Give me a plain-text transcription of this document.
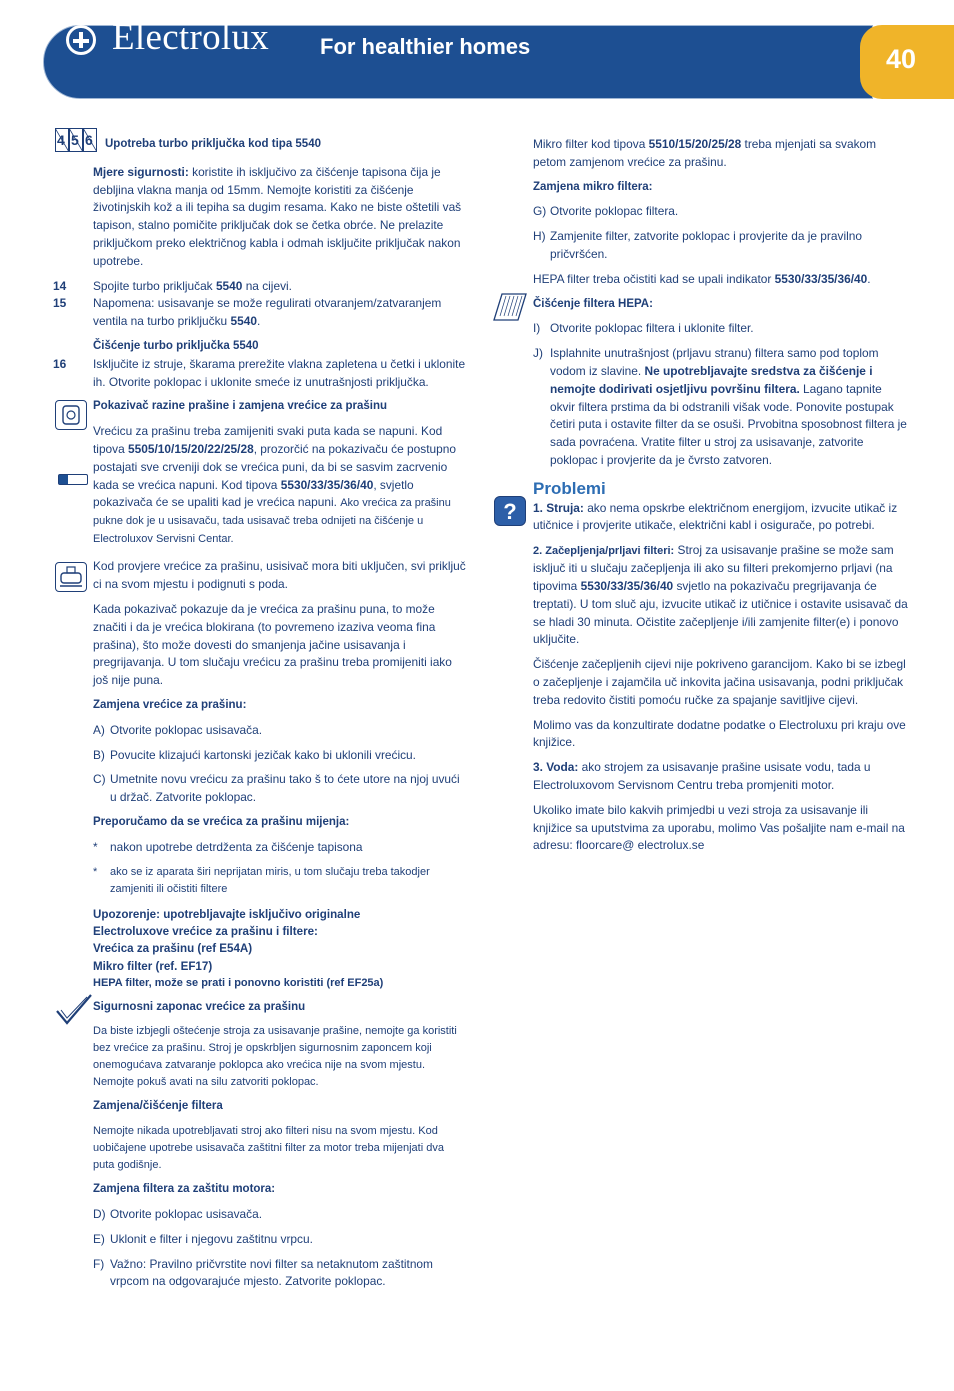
Electrolux For healthier homes	40
4 5 6 Upotreba turbo priključka kod tipa 5540

Mjere sigurnosti: koristite ih isključivo za čišćenje tapisona čija je debljina vlakna manja od 15mm. Nemojte koristiti za čišćenje životinjskih kož a ili tepiha sa dugim resama. Kako ne biste oštetili vaš tapison, stalno pomičite priključak dok se četka obrće. Ne prelazite priključkom preko električnog kabla i odmah isključite priključak nakon upotrebe.

14 Spojite turbo priključak 5540 na cijevi.
15 Napomena: usisavanje se može regulirati otvaranjem/zatvaranjem ventila na turbo priključku 5540.

Čišćenje turbo priključka 5540

16 Isključite iz struje, škarama prerežite vlakna zapletena u četki i uklonite ih. Otvorite poklopac i uklonite smeće iz unutrašnjosti priključka.

Pokazivač razine prašine i zamjena vrećice za prašinu

Vrećicu za prašinu treba zamijeniti svaki puta kada se napuni. Kod tipova 5505/10/15/20/22/25/28, prozorčić na pokazivaču će postupno postajati sve crveniji dok se vrećica puni, da bi se sasvim zacrvenio kada se vrećica napuni. Kod tipova 5530/33/35/36/40, svjetlo pokazivača će se upaliti kad je vrećica napuni. Ako vrećica za prašinu pukne dok je u usisavaču, tada usisavač treba odnijeti na čišćenje u Electroluxov Servisni Centar.

Kod provjere vrećice za prašinu, usisivač mora biti uključen, svi priključ ci na svom mjestu i podignuti s poda.

Kada pokazivač pokazuje da je vrećica za prašinu puna, to može značiti i da je vrećica blokirana (to povremeno izaziva veoma fina prašina), što može dovesti do smanjenja jačine usisavanja i pregrijavanja. U tom slučaju vrećicu za prašinu treba promijeniti iako još nije puna.

Zamjena vrećice za prašinu:

A) Otvorite poklopac usisavača.
B) Povucite klizajući kartonski jezičak kako bi uklonili vrećicu.
C) Umetnite novu vrećicu za prašinu tako š to ćete utore na njoj uvući u držač. Zatvorite poklopac.

Preporučamo da se vrećica za prašinu mijenja:

* nakon upotrebe detrdženta za čišćenje tapisona
* ako se iz aparata širi neprijatan miris, u tom slučaju treba takodjer zamjeniti ili očistiti filtere
Upozorenje: upotrebljavajte isključivo originalne
Electroluxove vrećice za prašinu i filtere:
Vrećica za prašinu (ref E54A)
Mikro filter (ref. EF17)
HEPA filter, može se prati i ponovno koristiti (ref EF25a)

Sigurnosni zaponac vrećice za prašinu

Da biste izbjegli oštećenje stroja za usisavanje prašine, nemojte ga koristiti bez vrećice za prašinu. Stroj je opskrbljen sigurnosnim zaponcem koji onemogućava zatvaranje poklopca ako vrećica nije na svom mjestu. Nemojte pokuš avati na silu zatvoriti poklopac.

Zamjena/čišćenje filtera

Nemojte nikada upotrebljavati stroj ako filteri nisu na svom mjestu. Kod uobičajene upotrebe usisavača zaštitni filter za motor treba mijenjati dva puta godišnje.

Zamjena filtera za zaštitu motora:

D) Otvorite poklopac usisavača.
E) Uklonit e filter i njegovu zaštitnu vrpcu.
F) Važno: Pravilno pričvrstite novi filter sa netaknutom zaštitnom vrpcom na odgovarajuće mjesto. Zatvorite poklopac.
?

Mikro filter kod tipova 5510/15/20/25/28 treba mjenjati sa svakom petom zamjenom vrećice za prašinu.

Zamjena mikro filtera:

G) Otvorite poklopac filtera.
H) Zamjenite filter, zatvorite poklopac i provjerite da je pravilno pričvršćen.

HEPA filter treba očistiti kad se upali indikator 5530/33/35/36/40.

Čišćenje filtera HEPA:

I) Otvorite poklopac filtera i uklonite filter.
J) Isplahnite unutrašnjost (prljavu stranu) filtera samo pod toplom vodom iz slavine. Ne upotrebljavajte sredstva za čišćenje i nemojte dodirivati osjetljivu površinu filtera. Lagano tapnite okvir filtera prstima da bi odstranili višak vode. Ponovite postupak četiri puta i ostavite filter da se osuši. Prvobitna sposobnost filtera je sada povraćena. Vratite filter u stroj za usisavanje, zatvorite poklopac i provjerite da je čvrsto zatvoren.
Problemi

1. Struja: ako nema opskrbe električnom energijom, izvucite utikač iz utičnice i provjerite utikače, električni kabl i osigurače, po potrebi.

2. Začepljenja/prljavi filteri: Stroj za usisavanje prašine se može sam isključ iti u slučaju začepljenja ili ako su filteri prekomjerno prljavi (na tipovima 5530/33/35/36/40 svjetlo na pokazivaču pregrijavanja će treptati). U tom sluč aju, izvucite utikač iz utičnice i ostavite usisavač da se hladi 30 minuta. Očistite začepljenje i/ili zamjenite filter(e) i ponovo uključite.

Čišćenje začepljenih cijevi nije pokriveno garancijom. Kako bi se izbegl o začepljenje i zajamčila uč inkovita jačina usisavanja, podni priključak treba redovito čistiti pomoću ručke za spajanje savitljive cijevi.

Molimo vas da konzultirate dodatne podatke o Electroluxu pri kraju ove knjižice.

3. Voda: ako strojem za usisavanje prašine usisate vodu, tada u Electroluxovom Servisnom Centru treba promjeniti motor.

Ukoliko imate bilo kakvih primjedbi u vezi stroja za usisavanje ili knjižice sa uputstvima za uporabu, molimo Vas pošaljite nam e-mail na adresu: floorcare@ electrolux.se
